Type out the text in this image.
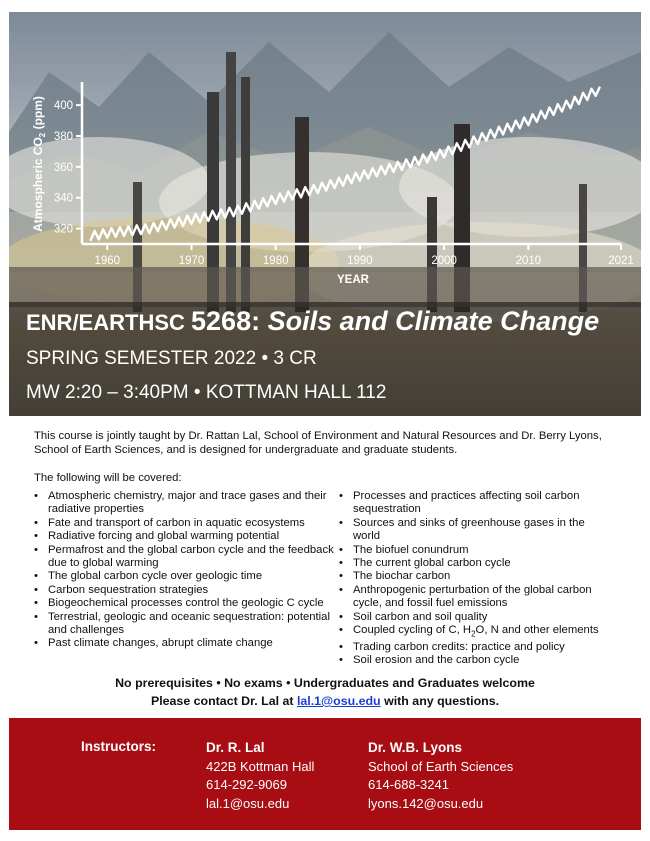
320
340
360
380
400
1960	1970	1980	1990	2000	2010	2021
Atmospheric $CO_2$ (ppm)
YEAR
ENR/EARTHSC 5268: Soils and Climate Change
SPRING SEMESTER 2022 • 3 CR
MW 2:20 – 3:40PM • KOTTMAN HALL 112
This course is jointly taught by Dr. Rattan Lal, School of Environment and Natural Resources and Dr. Berry Lyons, School of Earth Sciences, and is designed for undergraduate and graduate students.
The following will be covered:
• Atmospheric chemistry, major and trace gases and their radiative properties
• Fate and transport of carbon in aquatic ecosystems
• Radiative forcing and global warming potential
• Permafrost and the global carbon cycle and the feedback due to global warming
• The global carbon cycle over geologic time
• Carbon sequestration strategies
• Biogeochemical processes control the geologic C cycle
• Terrestrial, geologic and oceanic sequestration: potential and challenges
• Past climate changes, abrupt climate change
• Processes and practices affecting soil carbon sequestration
• Sources and sinks of greenhouse gases in the world
• The biofuel conundrum
• The current global carbon cycle
• The biochar carbon
• Anthropogenic perturbation of the global carbon cycle, and fossil fuel emissions
• Soil carbon and soil quality
• Coupled cycling of C, $H_2O$, N and other elements
• Trading carbon credits: practice and policy
• Soil erosion and the carbon cycle
No prerequisites • No exams • Undergraduates and Graduates welcome
Please contact Dr. Lal at lal.1@osu.edu with any questions.
Instructors:	Dr. R. Lal
422B Kottman Hall
614-292-9069
lal.1@osu.edu
Dr. W.B. Lyons
School of Earth Sciences
614-688-3241
lyons.142@osu.edu
